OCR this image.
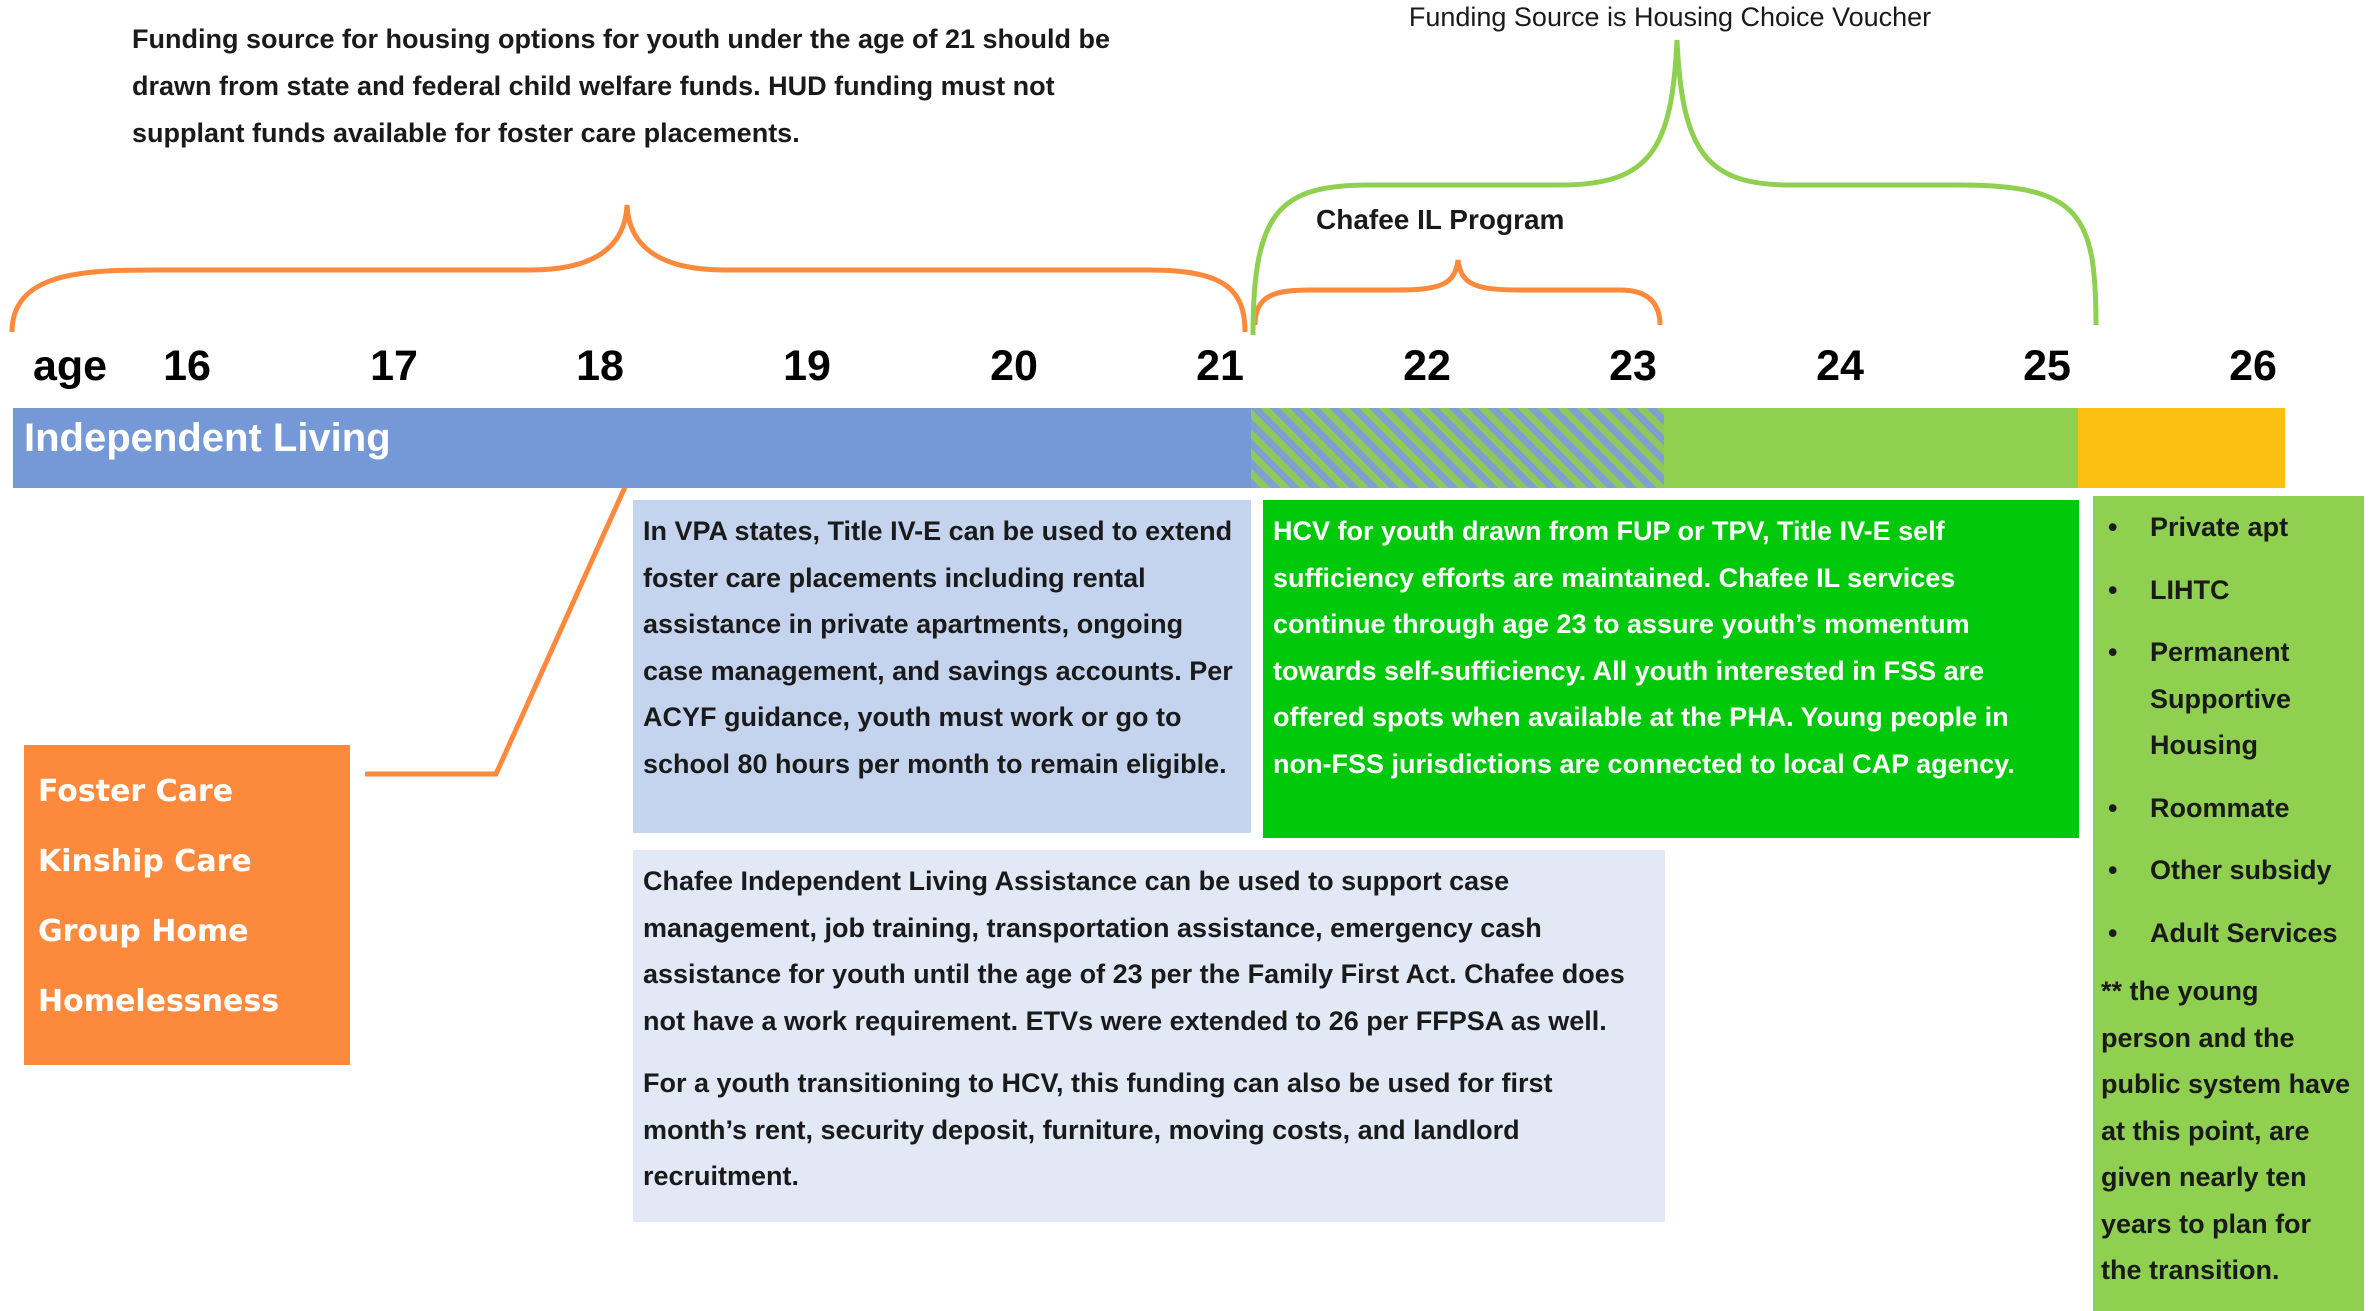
Funding source for housing options for youth under the age of 21 should be drawn from state and federal child welfare funds. HUD funding must not supplant funds available for foster care placements.
Funding Source is Housing Choice Voucher
Chafee IL Program
age 16	17	18	19	20	21	22	23	24	25	26
Independent Living
Foster Care
Kinship Care
Group Home
Homelessness
In VPA states, Title IV-E can be used to extend foster care placements including rental assistance in private apartments, ongoing case management, and savings accounts. Per ACYF guidance, youth must work or go to school 80 hours per month to remain eligible.

Chafee Independent Living Assistance can be used to support case management, job training, transportation assistance, emergency cash assistance for youth until the age of 23 per the Family First Act. Chafee does not have a work requirement. ETVs were extended to 26 per FFPSA as well.

For a youth transitioning to HCV, this funding can also be used for first month’s rent, security deposit, furniture, moving costs, and landlord recruitment.

HCV for youth drawn from FUP or TPV, Title IV-E self sufficiency efforts are maintained. Chafee IL services continue through age 23 to assure youth’s momentum towards self-sufficiency. All youth interested in FSS are offered spots when available at the PHA. Young people in non-FSS jurisdictions are connected to local CAP agency.
• Private apt
• LIHTC
• Permanent Supportive Housing
• Roommate
• Other subsidy
• Adult Services
** the young person and the public system have at this point, are given nearly ten years to plan for the transition.
